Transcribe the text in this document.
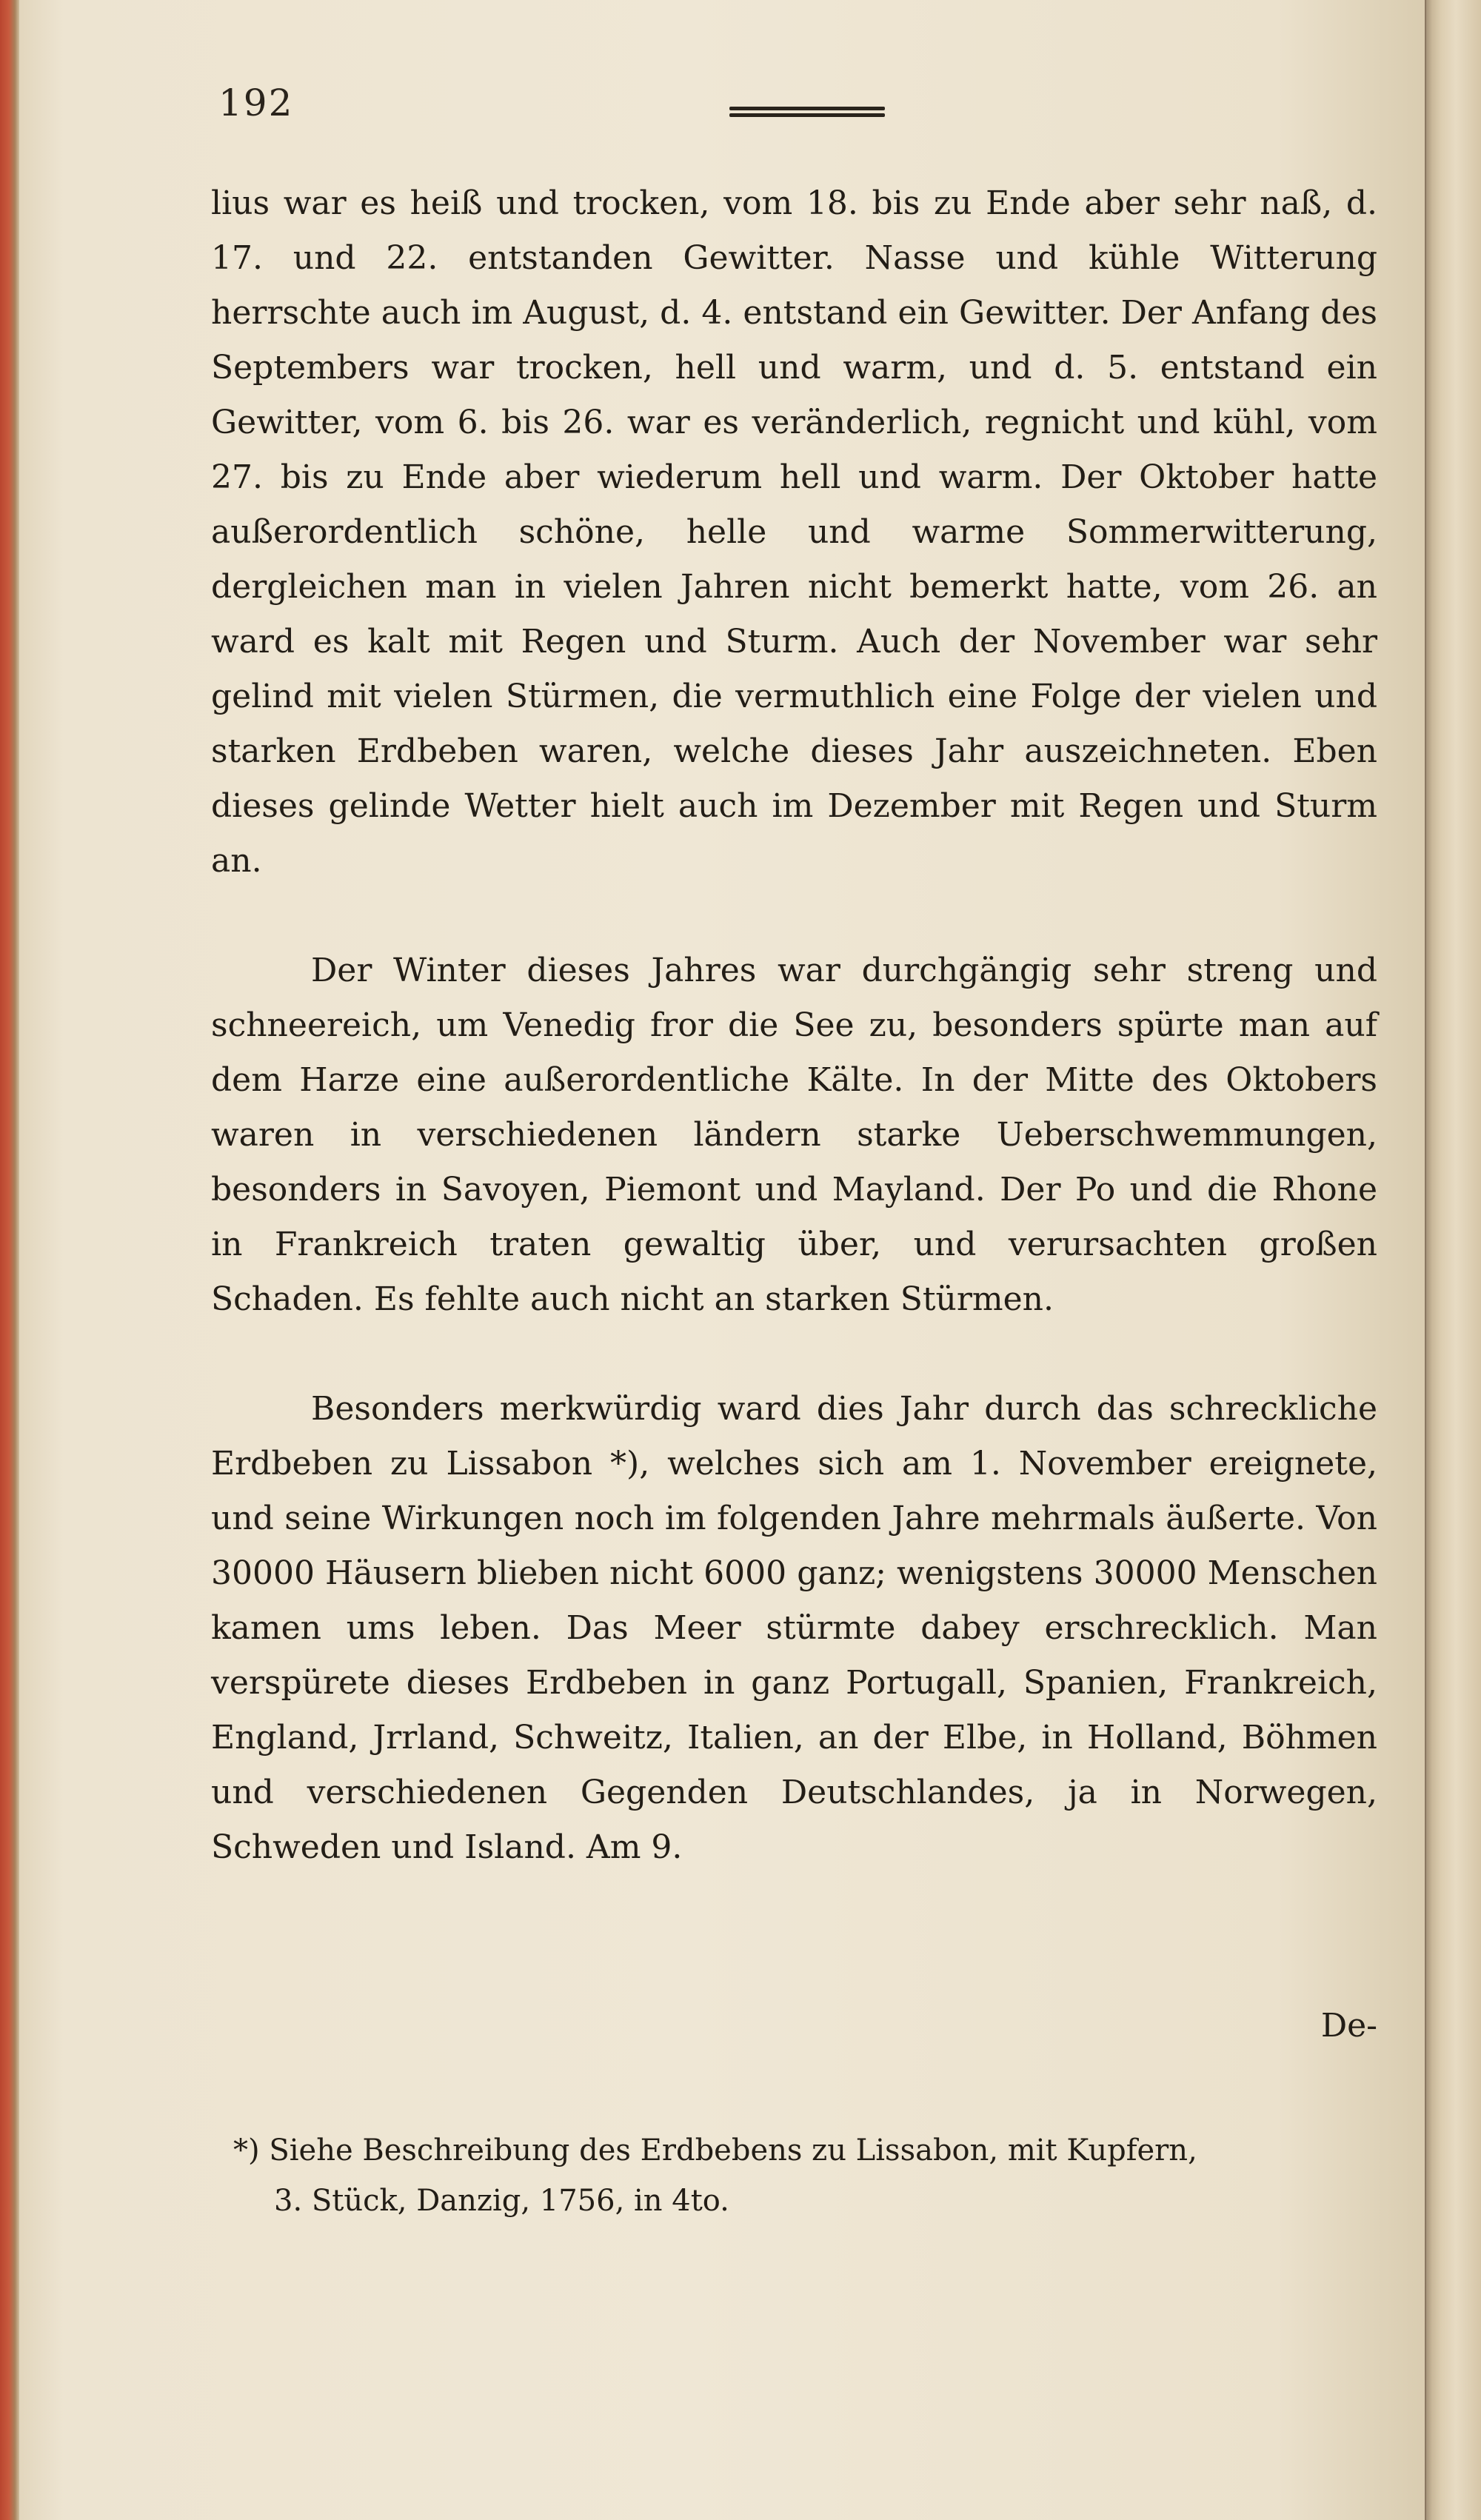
192

lius war es heiß und trocken, vom 18. bis zu Ende aber sehr naß, d. 17. und 22. entstanden Gewitter. Nasse und kühle Witterung herrschte auch im August, d. 4. entstand ein Gewitter. Der Anfang des Septembers war trocken, hell und warm, und d. 5. entstand ein Gewitter, vom 6. bis 26. war es veränderlich, regnicht und kühl, vom 27. bis zu Ende aber wiederum hell und warm. Der Oktober hatte außerordentlich schöne, helle und warme Sommerwitterung, dergleichen man in vielen Jahren nicht bemerkt hatte, vom 26. an ward es kalt mit Regen und Sturm. Auch der November war sehr gelind mit vielen Stürmen, die vermuthlich eine Folge der vielen und starken Erdbeben waren, welche dieses Jahr auszeichneten. Eben dieses gelinde Wetter hielt auch im Dezember mit Regen und Sturm an.

Der Winter dieses Jahres war durchgängig sehr streng und schneereich, um Venedig fror die See zu, besonders spürte man auf dem Harze eine außerordentliche Kälte. In der Mitte des Oktobers waren in verschiedenen ländern starke Ueberschwemmungen, besonders in Savoyen, Piemont und Mayland. Der Po und die Rhone in Frankreich traten gewaltig über, und verursachten großen Schaden. Es fehlte auch nicht an starken Stürmen.

Besonders merkwürdig ward dies Jahr durch das schreckliche Erdbeben zu Lissabon *), welches sich am 1. November ereignete, und seine Wirkungen noch im folgenden Jahre mehrmals äußerte. Von 30000 Häusern blieben nicht 6000 ganz; wenigstens 30000 Menschen kamen ums leben. Das Meer stürmte dabey erschrecklich. Man verspürete dieses Erdbeben in ganz Portugall, Spanien, Frankreich, England, Jrrland, Schweitz, Italien, an der Elbe, in Holland, Böhmen und verschiedenen Gegenden Deutschlandes, ja in Norwegen, Schweden und Island. Am 9.

De-

*) Siehe Beschreibung des Erdbebens zu Lissabon, mit Kupfern,

3. Stück, Danzig, 1756, in 4to.
